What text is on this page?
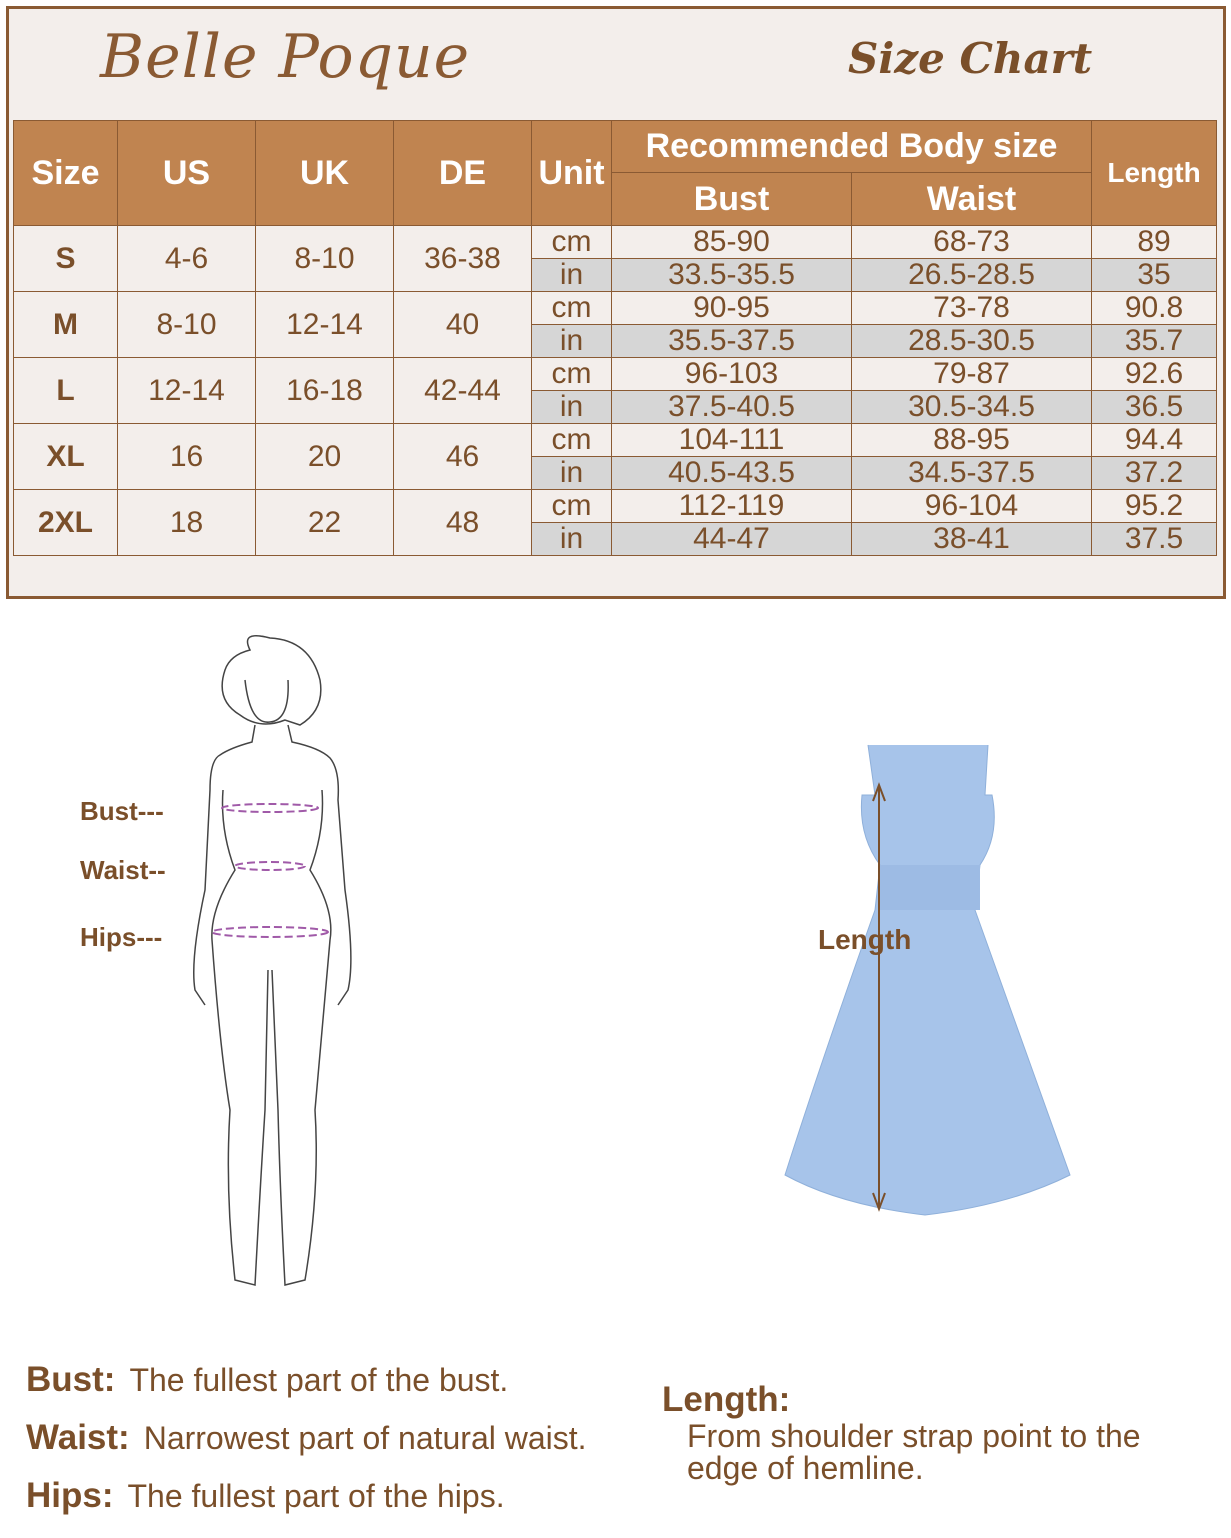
Belle Poque	Size Chart
Size	US	UK	DE	Unit	Recommended Body size		Length
					Bust	Waist	
S	4-6	8-10	36-38	cm	85-90	68-73	89
				in	33.5-35.5	26.5-28.5	35
M	8-10	12-14	40	cm	90-95	73-78	90.8
				in	35.5-37.5	28.5-30.5	35.7
L	12-14	16-18	42-44	cm	96-103	79-87	92.6
				in	37.5-40.5	30.5-34.5	36.5
XL	16	20	46	cm	104-111	88-95	94.4
				in	40.5-43.5	34.5-37.5	37.2
2XL	18	22	48	cm	112-119	96-104	95.2
				in	44-47	38-41	37.5
Bust---
Waist--
Hips---	Length
Bust: The fullest part of the bust.
Waist: Narrowest part of natural waist.
Hips: The fullest part of the hips.
Length:
From shoulder strap point to the edge of hemline.
